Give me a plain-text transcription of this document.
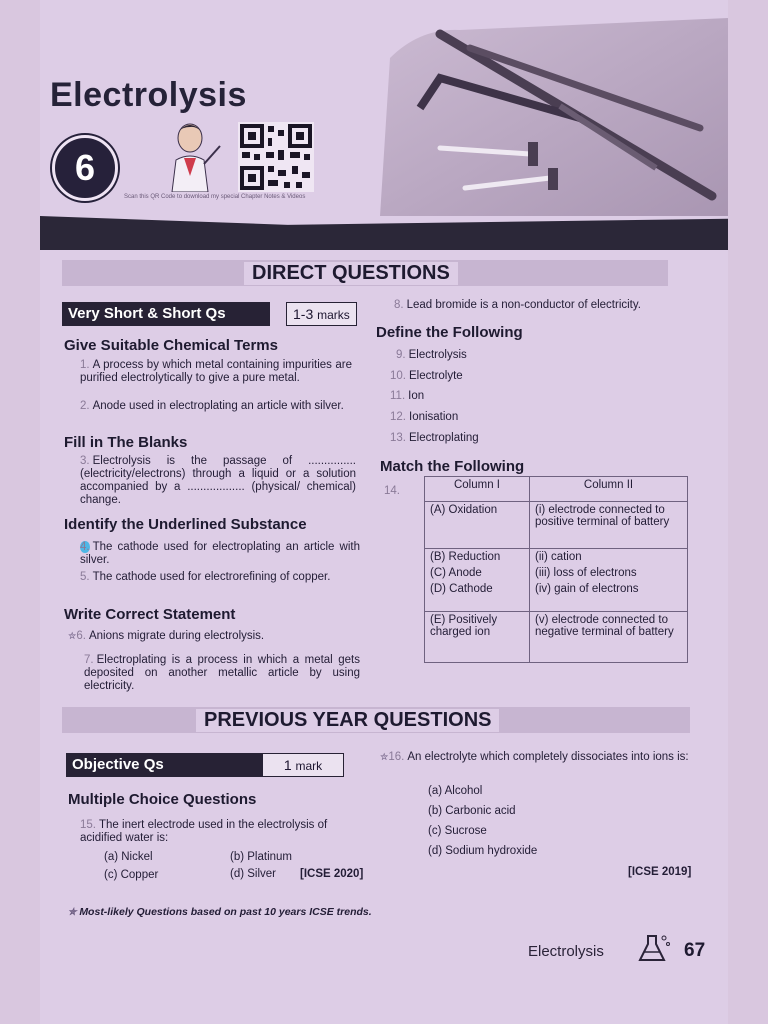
Electrolysis
6
Scan this QR Code to download my special Chapter Notes & Videos
DIRECT QUESTIONS
Very Short & Short Qs	1-3 marks
Give Suitable Chemical Terms
1. A process by which metal containing impurities are purified electrolytically to give a pure metal.
2. Anode used in electroplating an article with silver.
Fill in The Blanks
3. Electrolysis is the passage of ............... (electricity/electrons) through a liquid or a solution accompanied by a .................. (physical/ chemical) change.
Identify the Underlined Substance
4. The cathode used for electroplating an article with silver.
5. The cathode used for electrorefining of copper.
Write Correct Statement
✮6. Anions migrate during electrolysis.
7. Electroplating is a process in which a metal gets deposited on another metallic article by using electricity.
8. Lead bromide is a non-conductor of electricity.
Define the Following
9. Electrolysis
10. Electrolyte
11. Ion
12. Ionisation
13. Electroplating
Match the Following
14.	Column I	Column II
(A) Oxidation	(i) electrode connected to positive terminal of battery
(B) Reduction	(ii) cation
(C) Anode	(iii) loss of electrons
(D) Cathode	(iv) gain of electrons
(E) Positively charged ion	(v) electrode connected to negative terminal of battery
PREVIOUS YEAR QUESTIONS
Objective Qs	1 mark
Multiple Choice Questions
15. The inert electrode used in the electrolysis of acidified water is:
(a) Nickel	(b) Platinum
(c) Copper	(d) Silver [ICSE 2020]
✮16. An electrolyte which completely dissociates into ions is:
(a) Alcohol
(b) Carbonic acid
(c) Sucrose
(d) Sodium hydroxide
[ICSE 2019]
✮ Most-likely Questions based on past 10 years ICSE trends.
Electrolysis	67
